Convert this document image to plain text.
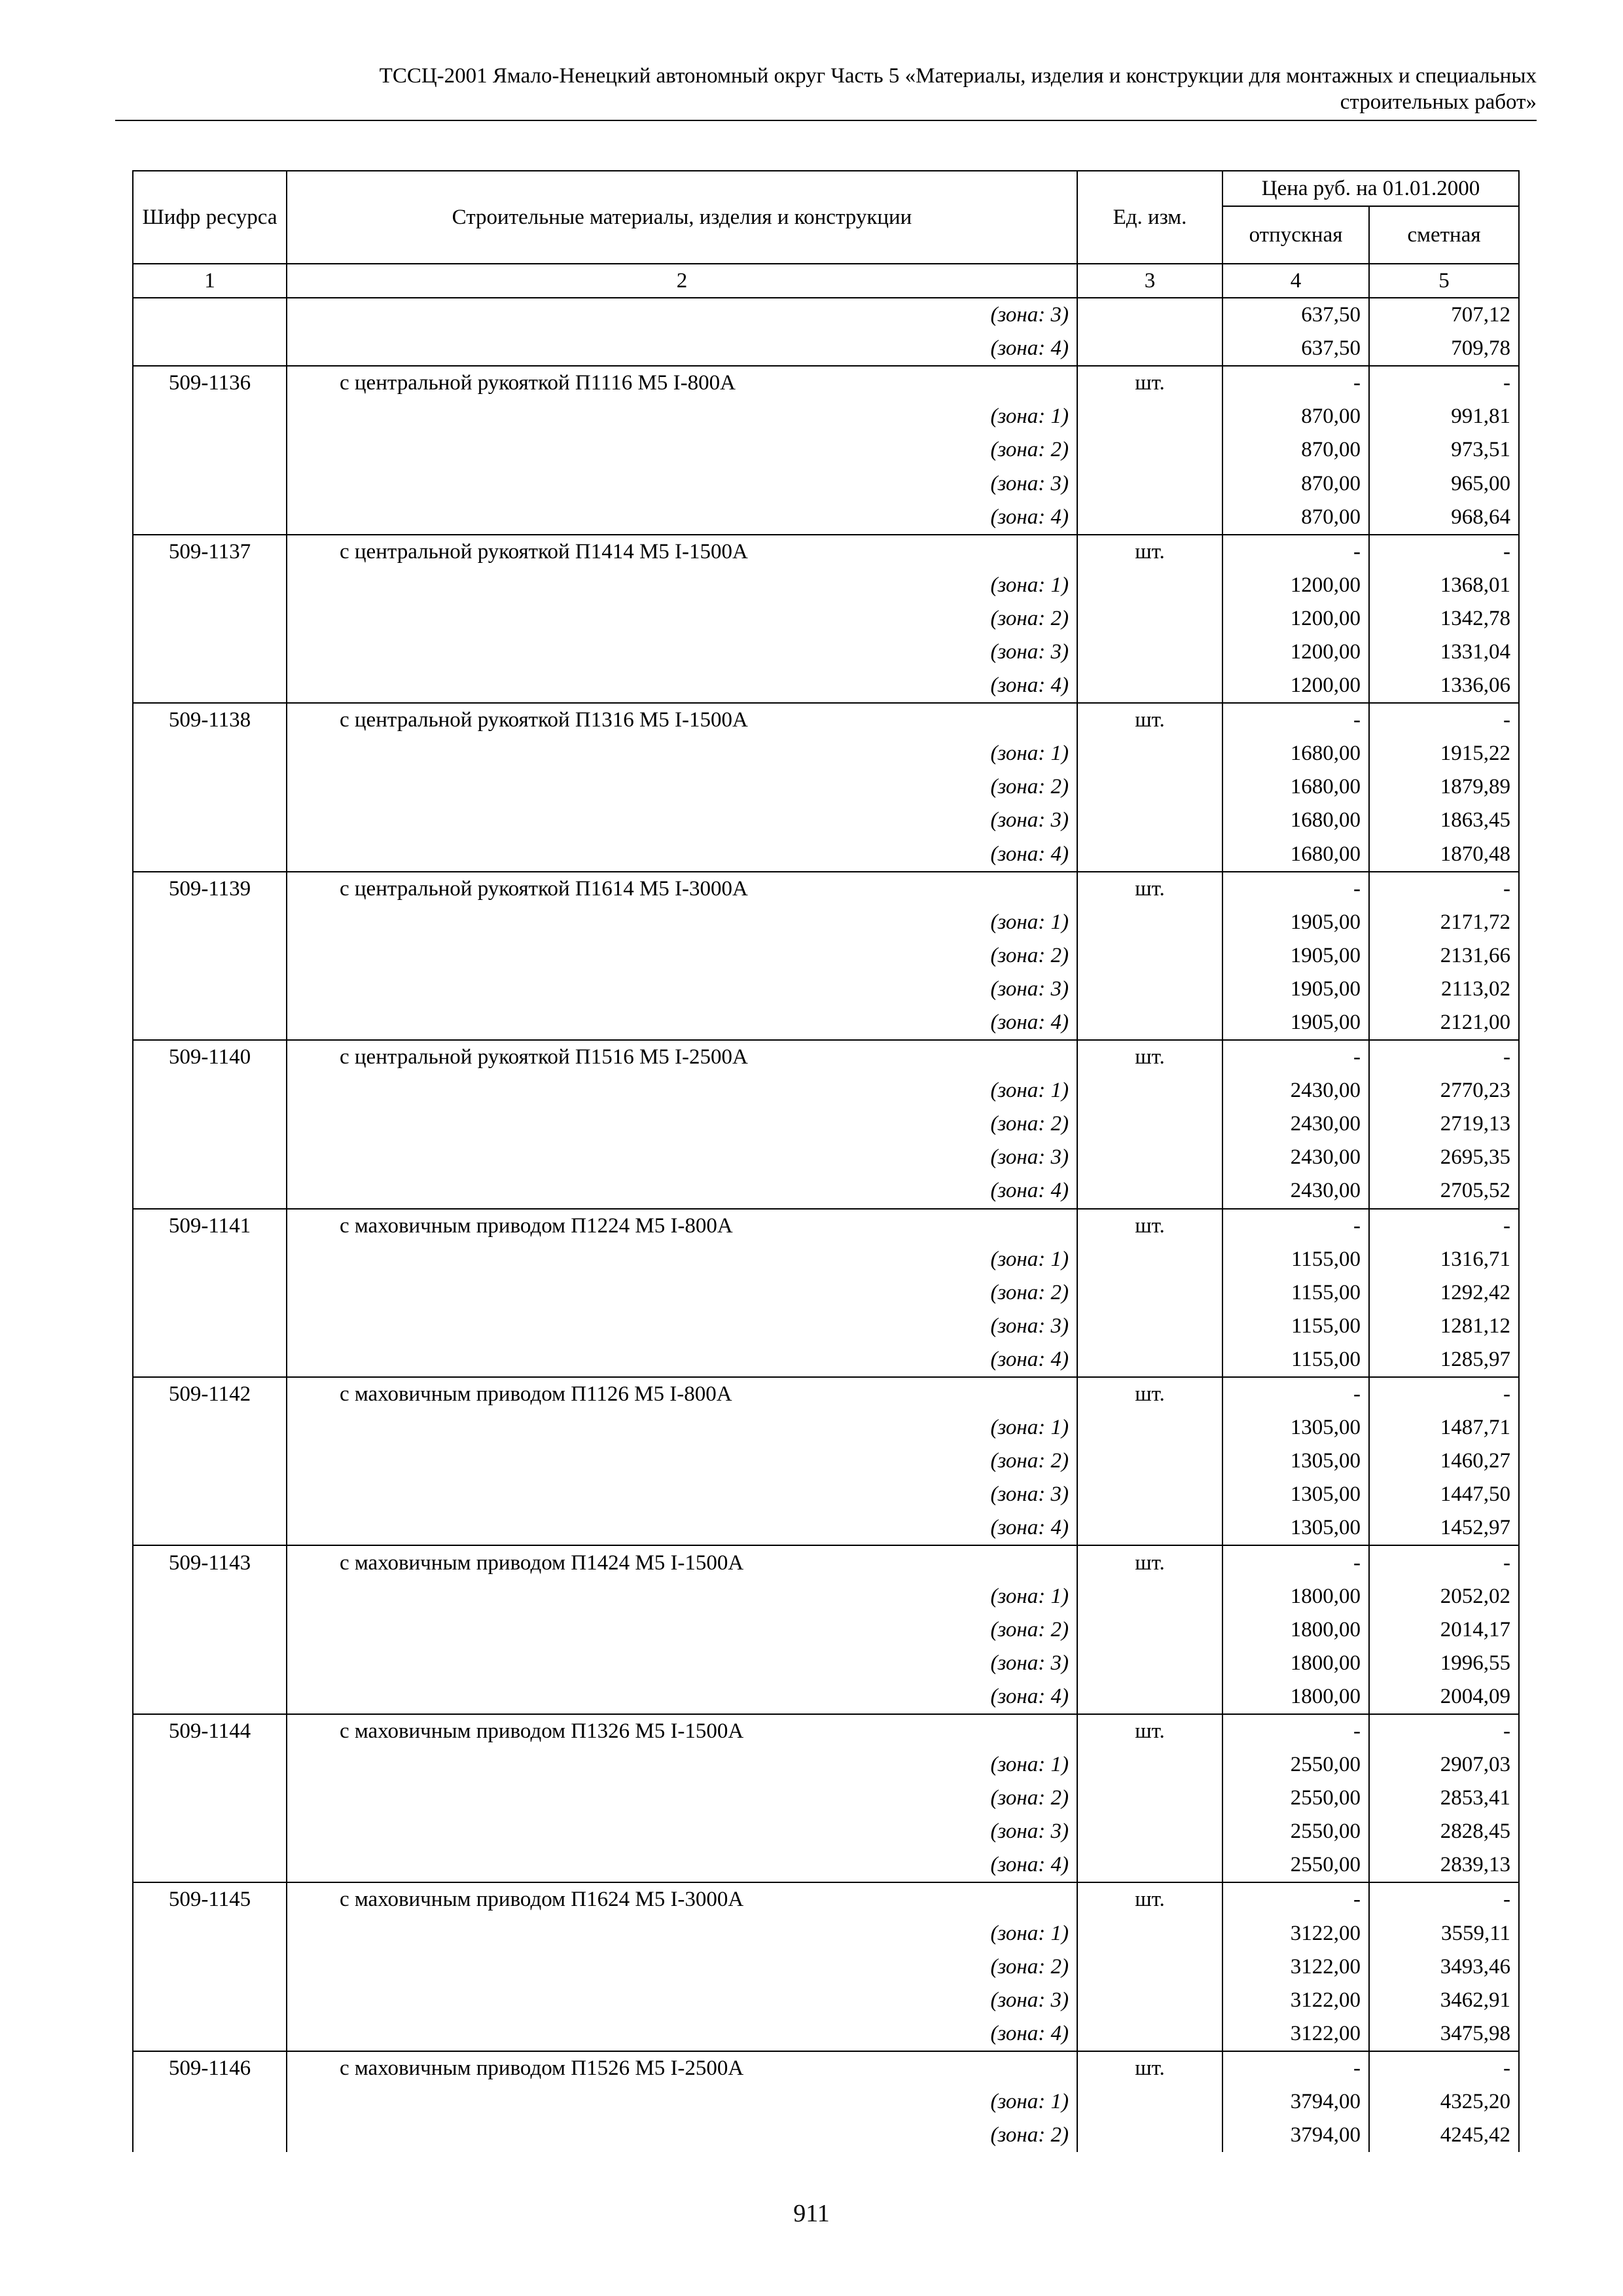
ТССЦ-2001 Ямало-Ненецкий автономный округ Часть 5 «Материалы, изделия и конструкции для монтажных и специальных
строительных работ»
Шифр ресурса	Строительные материалы, изделия и конструкции	Ед. изм.	Цена руб. на 01.01.2000	
			отпускная	сметная
1	2	3	4	5
	(зона: 3)		637,50	707,12
	(зона: 4)		637,50	709,78
509-1136	с центральной рукояткой П1116 М5 I-800А	шт.	-	-
	(зона: 1)		870,00	991,81
	(зона: 2)		870,00	973,51
	(зона: 3)		870,00	965,00
	(зона: 4)		870,00	968,64
509-1137	с центральной рукояткой П1414 М5 I-1500А	шт.	-	-
	(зона: 1)		1200,00	1368,01
	(зона: 2)		1200,00	1342,78
	(зона: 3)		1200,00	1331,04
	(зона: 4)		1200,00	1336,06
509-1138	с центральной рукояткой П1316 М5 I-1500А	шт.	-	-
	(зона: 1)		1680,00	1915,22
	(зона: 2)		1680,00	1879,89
	(зона: 3)		1680,00	1863,45
	(зона: 4)		1680,00	1870,48
509-1139	с центральной рукояткой П1614 М5 I-3000А	шт.	-	-
	(зона: 1)		1905,00	2171,72
	(зона: 2)		1905,00	2131,66
	(зона: 3)		1905,00	2113,02
	(зона: 4)		1905,00	2121,00
509-1140	с центральной рукояткой П1516 М5 I-2500А	шт.	-	-
	(зона: 1)		2430,00	2770,23
	(зона: 2)		2430,00	2719,13
	(зона: 3)		2430,00	2695,35
	(зона: 4)		2430,00	2705,52
509-1141	с маховичным приводом П1224 М5 I-800А	шт.	-	-
	(зона: 1)		1155,00	1316,71
	(зона: 2)		1155,00	1292,42
	(зона: 3)		1155,00	1281,12
	(зона: 4)		1155,00	1285,97
509-1142	с маховичным приводом П1126 М5 I-800А	шт.	-	-
	(зона: 1)		1305,00	1487,71
	(зона: 2)		1305,00	1460,27
	(зона: 3)		1305,00	1447,50
	(зона: 4)		1305,00	1452,97
509-1143	с маховичным приводом П1424 М5 I-1500А	шт.	-	-
	(зона: 1)		1800,00	2052,02
	(зона: 2)		1800,00	2014,17
	(зона: 3)		1800,00	1996,55
	(зона: 4)		1800,00	2004,09
509-1144	с маховичным приводом П1326 М5 I-1500А	шт.	-	-
	(зона: 1)		2550,00	2907,03
	(зона: 2)		2550,00	2853,41
	(зона: 3)		2550,00	2828,45
	(зона: 4)		2550,00	2839,13
509-1145	с маховичным приводом П1624 М5 I-3000А	шт.	-	-
	(зона: 1)		3122,00	3559,11
	(зона: 2)		3122,00	3493,46
	(зона: 3)		3122,00	3462,91
	(зона: 4)		3122,00	3475,98
509-1146	с маховичным приводом П1526 М5 I-2500А	шт.	-	-
	(зона: 1)		3794,00	4325,20
	(зона: 2)		3794,00	4245,42
911
